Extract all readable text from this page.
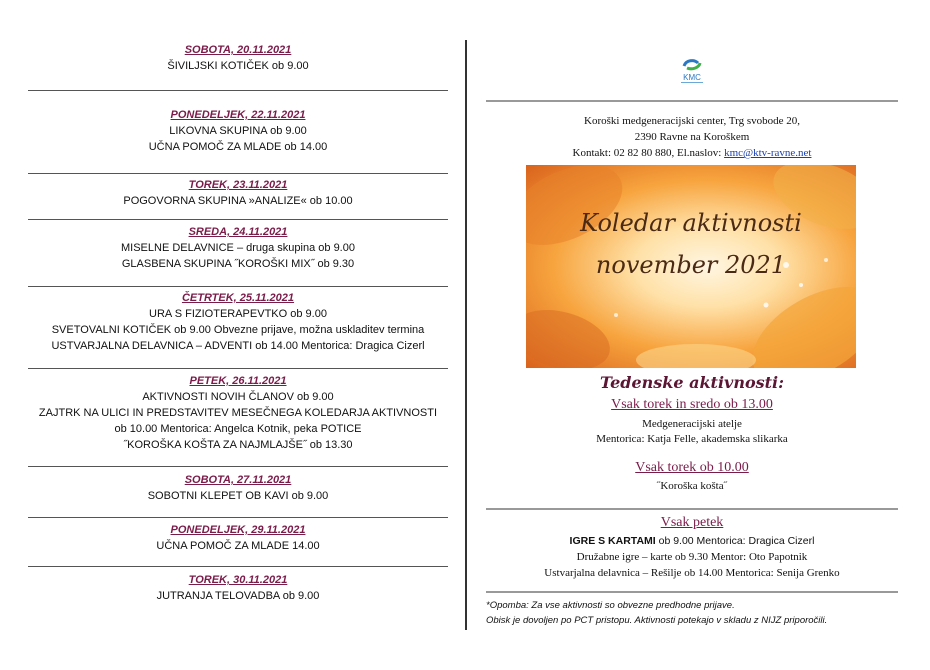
SOBOTA, 20.11.2021
ŠIVILJSKI KOTIČEK ob 9.00
PONEDELJEK, 22.11.2021
LIKOVNA SKUPINA ob 9.00
UČNA POMOČ ZA MLADE ob 14.00
TOREK, 23.11.2021
POGOVORNA SKUPINA »ANALIZE« ob 10.00
SREDA, 24.11.2021
MISELNE DELAVNICE – druga skupina ob 9.00
GLASBENA SKUPINA ˝KOROŠKI MIX˝ ob 9.30
ČETRTEK, 25.11.2021
URA S FIZIOTERAPEVTKO ob 9.00
SVETOVALNI KOTIČEK ob 9.00 Obvezne prijave, možna uskladitev termina
USTVARJALNA DELAVNICA – ADVENTI ob 14.00 Mentorica: Dragica Cizerl
PETEK, 26.11.2021
AKTIVNOSTI NOVIH ČLANOV ob 9.00
ZAJTRK NA ULICI IN PREDSTAVITEV MESEČNEGA KOLEDARJA AKTIVNOSTI
ob 10.00 Mentorica: Angelca Kotnik, peka POTICE
˝KOROŠKA KOŠTA ZA NAJMLAJŠE˝ ob 13.30
SOBOTA, 27.11.2021
SOBOTNI KLEPET OB KAVI ob 9.00
PONEDELJEK, 29.11.2021
UČNA POMOČ ZA MLADE 14.00
TOREK, 30.11.2021
JUTRANJA TELOVADBA ob 9.00
KMC
Koroški medgeneracijski center, Trg svobode 20,
2390 Ravne na Koroškem
Kontakt: 02 82 80 880, El.naslov: kmc@ktv-ravne.net
Koledar aktivnosti
november 2021
Tedenske aktivnosti:
Vsak torek in sredo ob 13.00
Medgeneracijski atelje
Mentorica: Katja Felle, akademska slikarka
Vsak torek ob 10.00
˝Koroška košta˝
Vsak petek
IGRE S KARTAMI ob 9.00 Mentorica: Dragica Cizerl
Družabne igre – karte ob 9.30 Mentor: Oto Papotnik
Ustvarjalna delavnica – Rešilje ob 14.00 Mentorica: Senija Grenko
*Opomba: Za vse aktivnosti so obvezne predhodne prijave.
Obisk je dovoljen po PCT pristopu. Aktivnosti potekajo v skladu z NIJZ priporočili.
